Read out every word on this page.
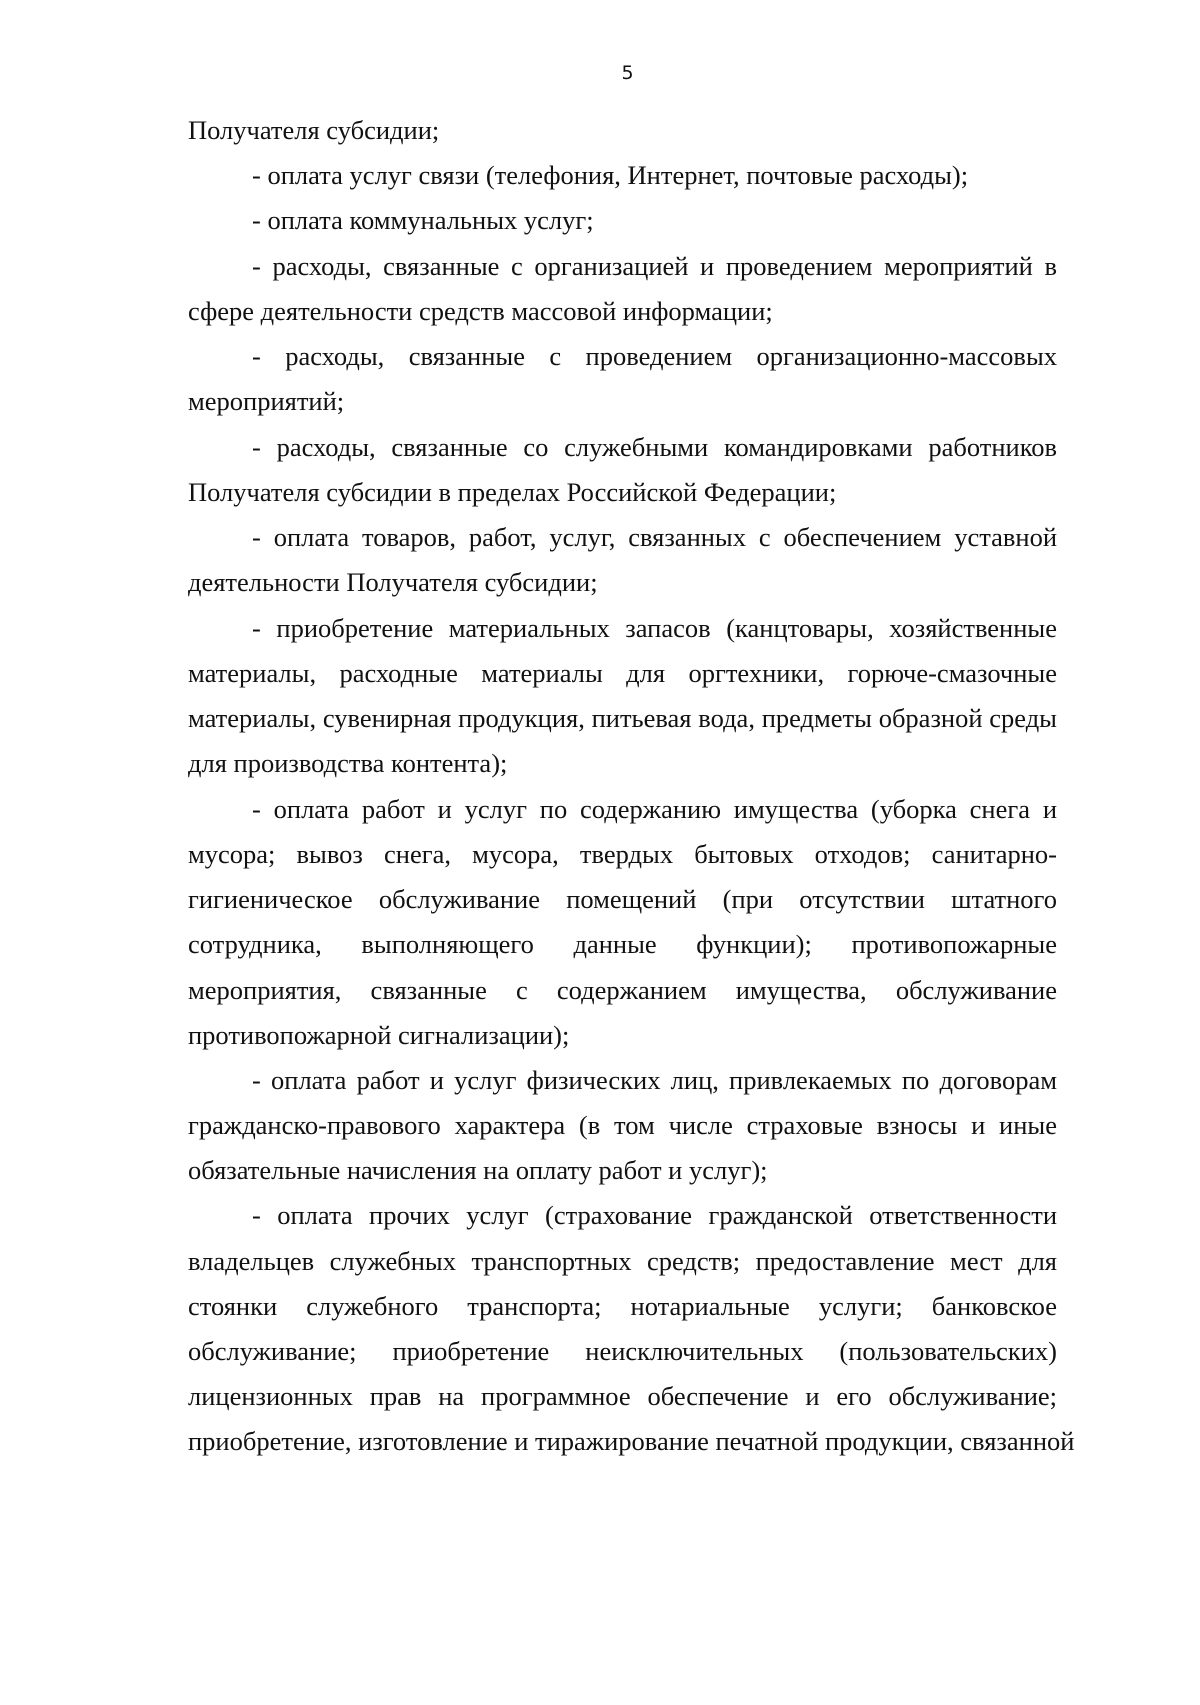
5
Получателя субсидии;
- оплата услуг связи (телефония, Интернет, почтовые расходы);
- оплата коммунальных услуг;
- расходы, связанные с организацией и проведением мероприятий в
сфере деятельности средств массовой информации;
- расходы, связанные с проведением организационно-массовых
мероприятий;
- расходы, связанные со служебными командировками работников
Получателя субсидии в пределах Российской Федерации;
- оплата товаров, работ, услуг, связанных с обеспечением уставной
деятельности Получателя субсидии;
- приобретение материальных запасов (канцтовары, хозяйственные
материалы, расходные материалы для оргтехники, горюче-смазочные
материалы, сувенирная продукция, питьевая вода, предметы образной среды
для производства контента);
- оплата работ и услуг по содержанию имущества (уборка снега и
мусора; вывоз снега, мусора, твердых бытовых отходов; санитарно-
гигиеническое обслуживание помещений (при отсутствии штатного
сотрудника, выполняющего данные функции); противопожарные
мероприятия, связанные с содержанием имущества, обслуживание
противопожарной сигнализации);
- оплата работ и услуг физических лиц, привлекаемых по договорам
гражданско-правового характера (в том числе страховые взносы и иные
обязательные начисления на оплату работ и услуг);
- оплата прочих услуг (страхование гражданской ответственности
владельцев служебных транспортных средств; предоставление мест для
стоянки служебного транспорта; нотариальные услуги; банковское
обслуживание; приобретение неисключительных (пользовательских)
лицензионных прав на программное обеспечение и его обслуживание;
приобретение, изготовление и тиражирование печатной продукции, связанной
